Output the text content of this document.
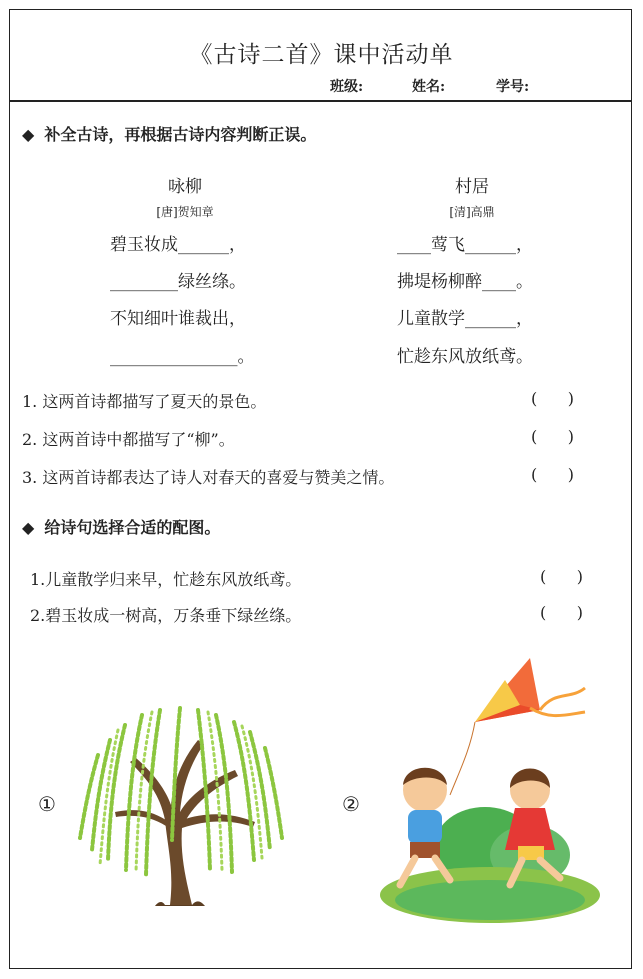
《古诗二首》课中活动单
班级:	姓名:	学号:
◆ 补全古诗，再根据古诗内容判断正误。
咏柳
[唐]贺知章
碧玉妆成______，
________绿丝绦。
不知细叶谁裁出，
_______________。
村居
[清]高鼎
____莺飞______，
拂堤杨柳醉____。
儿童散学______，
忙趁东风放纸鸢。
1. 这两首诗都描写了夏天的景色。	(      )
2. 这两首诗中都描写了“柳”。	(      )
3. 这两首诗都表达了诗人对春天的喜爱与赞美之情。	(      )
◆ 给诗句选择合适的配图。
1.儿童散学归来早，忙趁东风放纸鸢。	(      )
2.碧玉妆成一树高，万条垂下绿丝绦。	(      )
①	②
